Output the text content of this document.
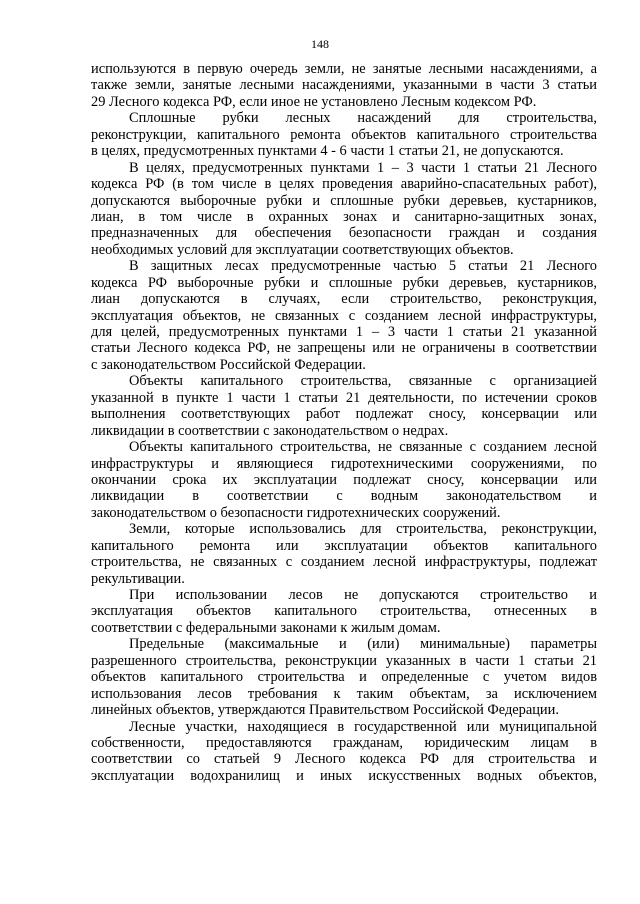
148
используются в первую очередь земли, не занятые лесными насаждениями, а
также земли, занятые лесными насаждениями, указанными в части 3 статьи
29 Лесного кодекса РФ, если иное не установлено Лесным кодексом РФ.
Сплошные рубки лесных насаждений для строительства,
реконструкции, капитального ремонта объектов капитального строительства
в целях, предусмотренных пунктами 4 - 6 части 1 статьи 21, не допускаются.
В целях, предусмотренных пунктами 1 – 3 части 1 статьи 21 Лесного
кодекса РФ (в том числе в целях проведения аварийно-спасательных работ),
допускаются выборочные рубки и сплошные рубки деревьев, кустарников,
лиан, в том числе в охранных зонах и санитарно-защитных зонах,
предназначенных для обеспечения безопасности граждан и создания
необходимых условий для эксплуатации соответствующих объектов.
В защитных лесах предусмотренные частью 5 статьи 21 Лесного
кодекса РФ выборочные рубки и сплошные рубки деревьев, кустарников,
лиан допускаются в случаях, если строительство, реконструкция,
эксплуатация объектов, не связанных с созданием лесной инфраструктуры,
для целей, предусмотренных пунктами 1 – 3 части 1 статьи 21 указанной
статьи Лесного кодекса РФ, не запрещены или не ограничены в соответствии
с законодательством Российской Федерации.
Объекты капитального строительства, связанные с организацией
указанной в пункте 1 части 1 статьи 21 деятельности, по истечении сроков
выполнения соответствующих работ подлежат сносу, консервации или
ликвидации в соответствии с законодательством о недрах.
Объекты капитального строительства, не связанные с созданием лесной
инфраструктуры и являющиеся гидротехническими сооружениями, по
окончании срока их эксплуатации подлежат сносу, консервации или
ликвидации в соответствии с водным законодательством и
законодательством о безопасности гидротехнических сооружений.
Земли, которые использовались для строительства, реконструкции,
капитального ремонта или эксплуатации объектов капитального
строительства, не связанных с созданием лесной инфраструктуры, подлежат
рекультивации.
При использовании лесов не допускаются строительство и
эксплуатация объектов капитального строительства, отнесенных в
соответствии с федеральными законами к жилым домам.
Предельные (максимальные и (или) минимальные) параметры
разрешенного строительства, реконструкции указанных в части 1 статьи 21
объектов капитального строительства и определенные с учетом видов
использования лесов требования к таким объектам, за исключением
линейных объектов, утверждаются Правительством Российской Федерации.
Лесные участки, находящиеся в государственной или муниципальной
собственности, предоставляются гражданам, юридическим лицам в
соответствии со статьей 9 Лесного кодекса РФ для строительства и
эксплуатации водохранилищ и иных искусственных водных объектов,
